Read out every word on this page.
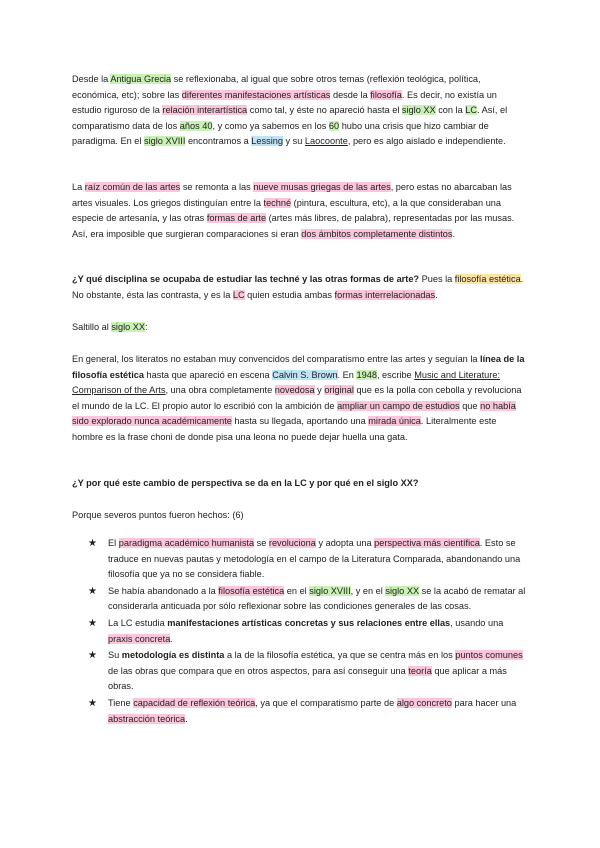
Desde la Antigua Grecia se reflexionaba, al igual que sobre otros temas (reflexión teológica, política, económica, etc); sobre las diferentes manifestaciones artísticas desde la filosofía. Es decir, no existía un estudio riguroso de la relación interartística como tal, y éste no apareció hasta el siglo XX con la LC. Así, el comparatismo data de los años 40, y como ya sabemos en los 60 hubo una crisis que hizo cambiar de paradigma. En el siglo XVIII encontramos a Lessing y su Laocoonte, pero es algo aislado e independiente.

La raíz común de las artes se remonta a las nueve musas griegas de las artes, pero estas no abarcaban las artes visuales. Los griegos distinguían entre la techné (pintura, escultura, etc), a la que consideraban una especie de artesanía, y las otras formas de arte (artes más libres, de palabra), representadas por las musas. Así, era imposible que surgieran comparaciones si eran dos ámbitos completamente distintos.

¿Y qué disciplina se ocupaba de estudiar las techné y las otras formas de arte? Pues la filosofía estética. No obstante, ésta las contrasta, y es la LC quien estudia ambas formas interrelacionadas.

Saltillo al siglo XX:

En general, los literatos no estaban muy convencidos del comparatismo entre las artes y seguían la línea de la filosofía estética hasta que apareció en escena Calvin S. Brown. En 1948, escribe Music and Literature: Comparison of the Arts, una obra completamente novedosa y original que es la polla con cebolla y revoluciona el mundo de la LC. El propio autor lo escribió con la ambición de ampliar un campo de estudios que no había sido explorado nunca académicamente hasta su llegada, aportando una mirada única. Literalmente este hombre es la frase choni de donde pisa una leona no puede dejar huella una gata.

¿Y por qué este cambio de perspectiva se da en la LC y por qué en el siglo XX?

Porque severos puntos fueron hechos: (6)

★ El paradigma académico humanista se revoluciona y adopta una perspectiva más científica. Esto se traduce en nuevas pautas y metodología en el campo de la Literatura Comparada, abandonando una filosofía que ya no se considera fiable.
★ Se había abandonado a la filosofía estética en el siglo XVIII, y en el siglo XX se la acabó de rematar al considerarla anticuada por sólo reflexionar sobre las condiciones generales de las cosas.
★ La LC estudia manifestaciones artísticas concretas y sus relaciones entre ellas, usando una praxis concreta.
★ Su metodología es distinta a la de la filosofía estética, ya que se centra más en los puntos comunes de las obras que compara que en otros aspectos, para así conseguir una teoría que aplicar a más obras.
★ Tiene capacidad de reflexión teórica, ya que el comparatismo parte de algo concreto para hacer una abstracción teórica.
